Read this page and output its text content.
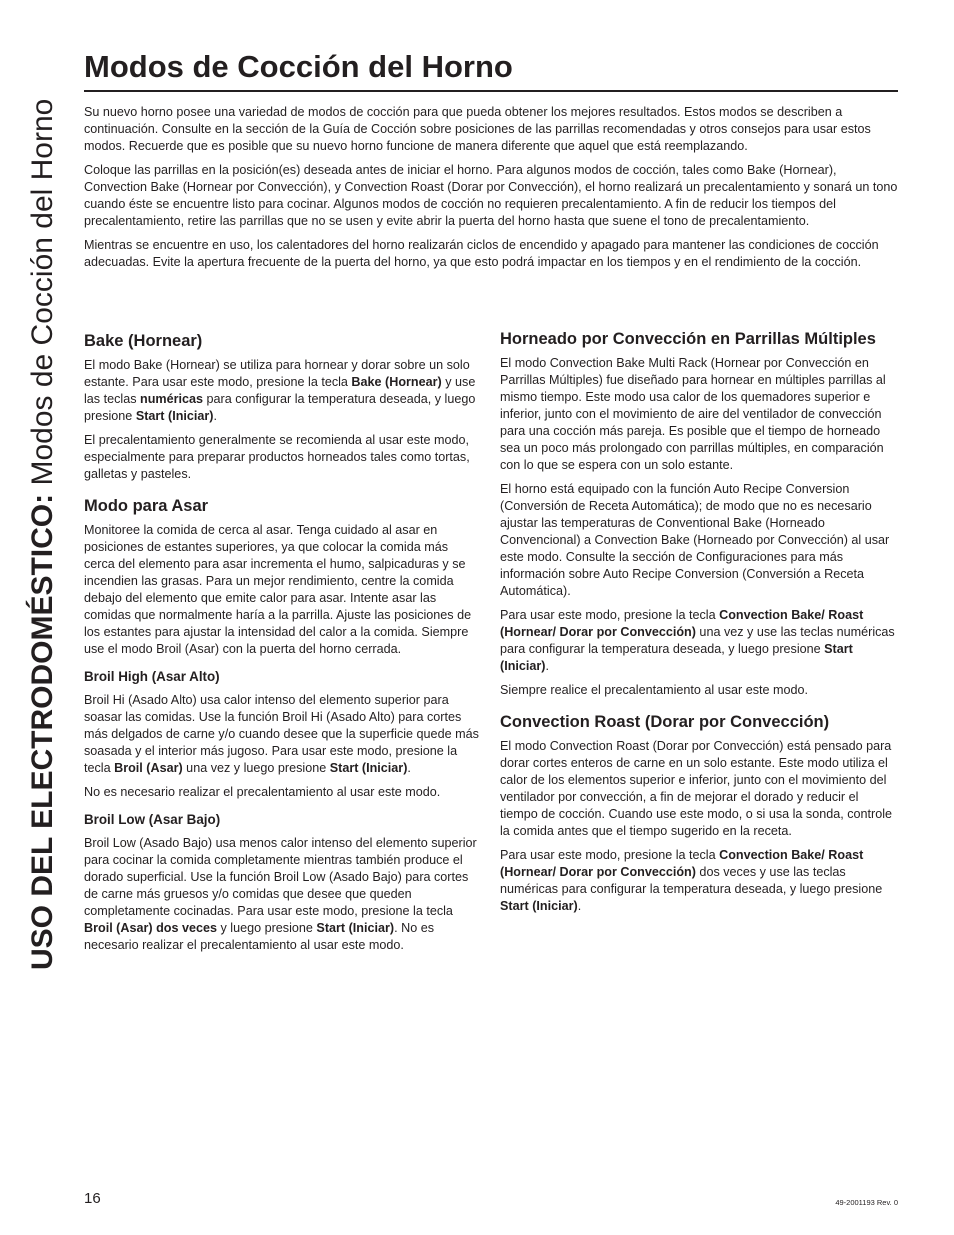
USO DEL ELECTRODOMÉSTICO: Modos de Cocción del Horno
Modos de Cocción del Horno

Su nuevo horno posee una variedad de modos de cocción para que pueda obtener los mejores resultados. Estos modos se describen a continuación. Consulte en la sección de la Guía de Cocción sobre posiciones de las parrillas recomendadas y otros consejos para usar estos modos. Recuerde que es posible que su nuevo horno funcione de manera diferente que aquel que está reemplazando.

Coloque las parrillas en la posición(es) deseada antes de iniciar el horno. Para algunos modos de cocción, tales como Bake (Hornear), Convection Bake (Hornear por Convección), y Convection Roast (Dorar por Convección), el horno realizará un precalentamiento y sonará un tono cuando éste se encuentre listo para cocinar. Algunos modos de cocción no requieren precalentamiento. A fin de reducir los tiempos del precalentamiento, retire las parrillas que no se usen y evite abrir la puerta del horno hasta que suene el tono de precalentamiento.

Mientras se encuentre en uso, los calentadores del horno realizarán ciclos de encendido y apagado para mantener las condiciones de cocción adecuadas. Evite la apertura frecuente de la puerta del horno, ya que esto podrá impactar en los tiempos y en el rendimiento de la cocción.

Bake (Hornear)

El modo Bake (Hornear) se utiliza para hornear y dorar sobre un solo estante. Para usar este modo, presione la tecla Bake (Hornear) y use las teclas numéricas para configurar la temperatura deseada, y luego presione Start (Iniciar).

El precalentamiento generalmente se recomienda al usar este modo, especialmente para preparar productos horneados tales como tortas, galletas y pasteles.

Modo para Asar

Monitoree la comida de cerca al asar. Tenga cuidado al asar en posiciones de estantes superiores, ya que colocar la comida más cerca del elemento para asar incrementa el humo, salpicaduras y se incendien las grasas. Para un mejor rendimiento, centre la comida debajo del elemento que emite calor para asar. Intente asar las comidas que normalmente haría a la parrilla. Ajuste las posiciones de los estantes para ajustar la intensidad del calor a la comida. Siempre use el modo Broil (Asar) con la puerta del horno cerrada.

Broil High (Asar Alto)

Broil Hi (Asado Alto) usa calor intenso del elemento superior para soasar las comidas. Use la función Broil Hi (Asado Alto) para cortes más delgados de carne y/o cuando desee que la superficie quede más soasada y el interior más jugoso. Para usar este modo, presione la tecla Broil (Asar) una vez y luego presione Start (Iniciar).

No es necesario realizar el precalentamiento al usar este modo.

Broil Low (Asar Bajo)

Broil Low (Asado Bajo) usa menos calor intenso del elemento superior para cocinar la comida completamente mientras también produce el dorado superficial. Use la función Broil Low (Asado Bajo) para cortes de carne más gruesos y/o comidas que desee que queden completamente cocinadas. Para usar este modo, presione la tecla Broil (Asar) dos veces y luego presione Start (Iniciar). No es necesario realizar el precalentamiento al usar este modo.

Horneado por Convección en Parrillas Múltiples

El modo Convection Bake Multi Rack (Hornear por Convección en Parrillas Múltiples) fue diseñado para hornear en múltiples parrillas al mismo tiempo. Este modo usa calor de los quemadores superior e inferior, junto con el movimiento de aire del ventilador de convección para una cocción más pareja. Es posible que el tiempo de horneado sea un poco más prolongado con parrillas múltiples, en comparación con lo que se espera con un solo estante.

El horno está equipado con la función Auto Recipe Conversion (Conversión de Receta Automática); de modo que no es necesario ajustar las temperaturas de Conventional Bake (Horneado Convencional) a Convection Bake (Horneado por Convección) al usar este modo. Consulte la sección de Configuraciones para más información sobre Auto Recipe Conversion (Conversión a Receta Automática).

Para usar este modo, presione la tecla Convection Bake/ Roast (Hornear/ Dorar por Convección) una vez y use las teclas numéricas para configurar la temperatura deseada, y luego presione Start (Iniciar).

Siempre realice el precalentamiento al usar este modo.

Convection Roast (Dorar por Convección)

El modo Convection Roast (Dorar por Convección) está pensado para dorar cortes enteros de carne en un solo estante. Este modo utiliza el calor de los elementos superior e inferior, junto con el movimiento del ventilador por convección, a fin de mejorar el dorado y reducir el tiempo de cocción. Cuando use este modo, o si usa la sonda, controle la comida antes que el tiempo sugerido en la receta.

Para usar este modo, presione la tecla Convection Bake/ Roast (Hornear/ Dorar por Convección) dos veces y use las teclas numéricas para configurar la temperatura deseada, y luego presione Start (Iniciar).

16	49-2001193 Rev. 0
